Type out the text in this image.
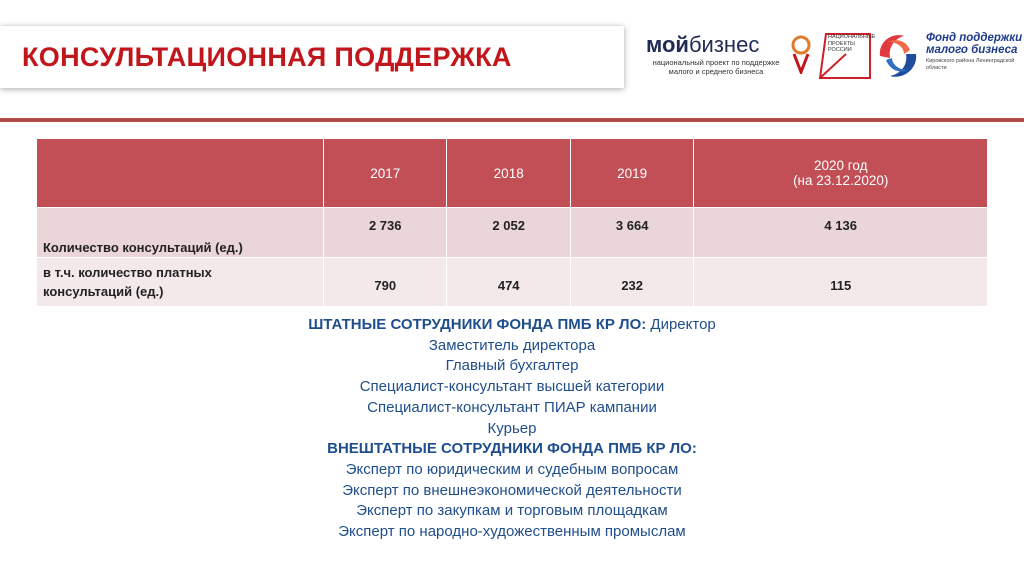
КОНСУЛЬТАЦИОННАЯ ПОДДЕРЖКА	мойбизнес
национальный проект по поддержке
малого и среднего бизнеса
НАЦИОНАЛЬНЫЕ ПРОЕКТЫ РОССИИ
Фонд поддержки
малого бизнеса
Кировского района Ленинградской области
	2017	2018	2019	2020 год
(на 23.12.2020)

Количество консультаций (ед.)	2 736	2 052	3 664	4 136

в т.ч. количество платных
консультаций (ед.)	790	474	232	115
ШТАТНЫЕ СОТРУДНИКИ ФОНДА ПМБ КР ЛО: Директор
Заместитель директора
Главный бухгалтер
Специалист-консультант высшей категории
Специалист-консультант ПИАР кампании
Курьер
ВНЕШТАТНЫЕ СОТРУДНИКИ ФОНДА ПМБ КР ЛО:
Эксперт по юридическим и судебным вопросам
Эксперт по внешнеэкономической деятельности
Эксперт по закупкам и торговым площадкам
Эксперт по народно-художественным промыслам
